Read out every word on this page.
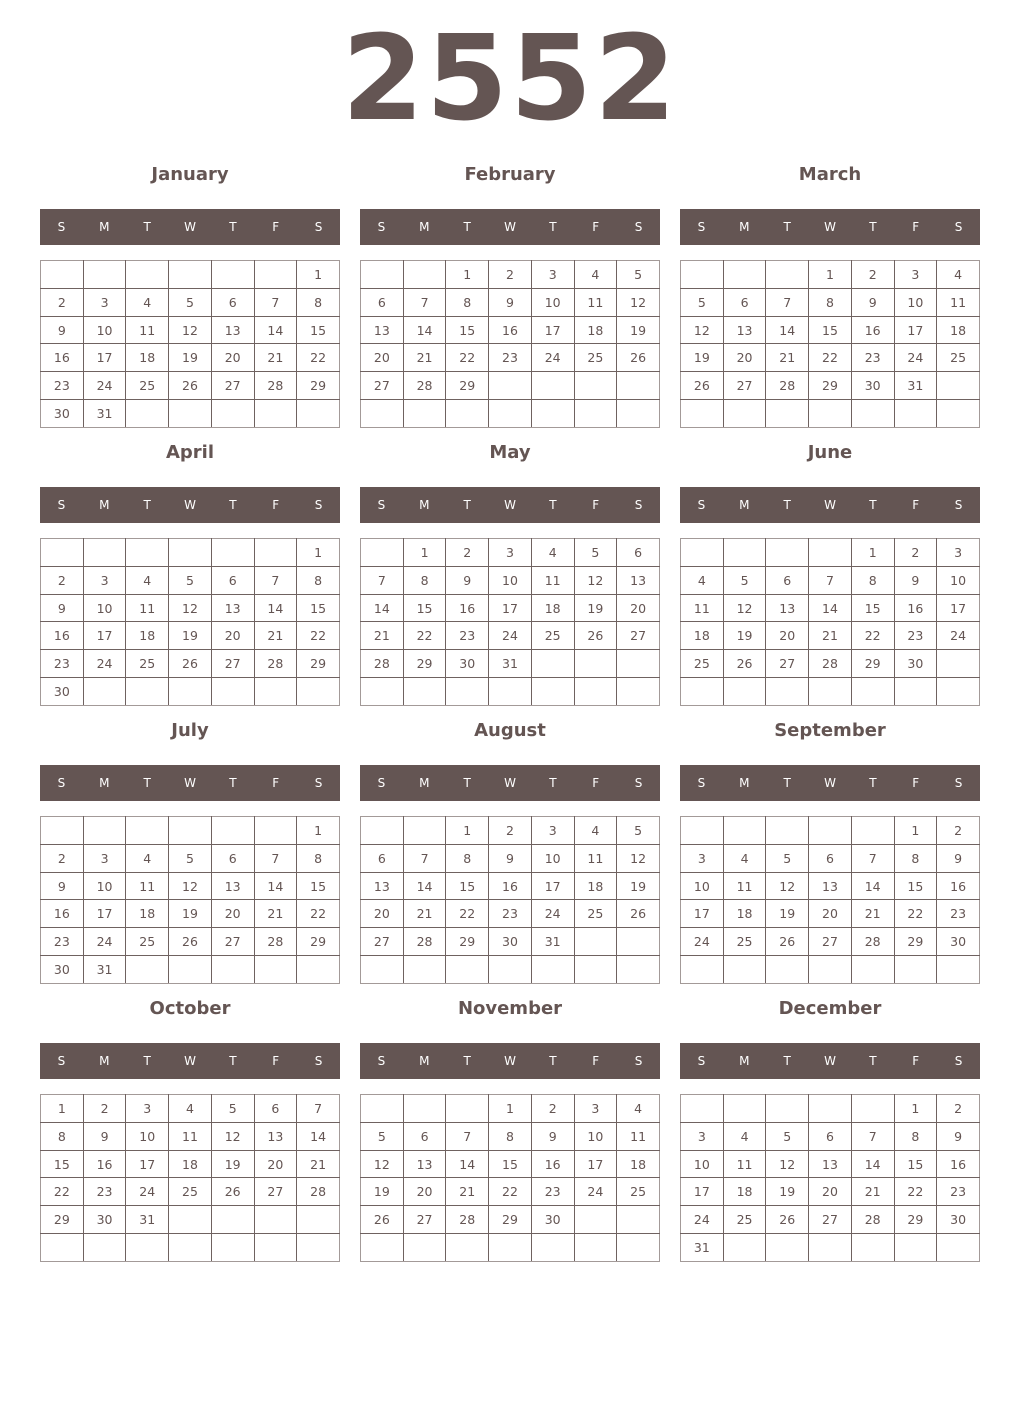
2552
January
S	M	T	W	T	F	S
						1
2	3	4	5	6	7	8
9	10	11	12	13	14	15
16	17	18	19	20	21	22
23	24	25	26	27	28	29
30	31					
February
S	M	T	W	T	F	S
		1	2	3	4	5
6	7	8	9	10	11	12
13	14	15	16	17	18	19
20	21	22	23	24	25	26
27	28	29				

March
S	M	T	W	T	F	S
			1	2	3	4
5	6	7	8	9	10	11
12	13	14	15	16	17	18
19	20	21	22	23	24	25
26	27	28	29	30	31	

April
S	M	T	W	T	F	S
						1
2	3	4	5	6	7	8
9	10	11	12	13	14	15
16	17	18	19	20	21	22
23	24	25	26	27	28	29
30						
May
S	M	T	W	T	F	S
	1	2	3	4	5	6
7	8	9	10	11	12	13
14	15	16	17	18	19	20
21	22	23	24	25	26	27
28	29	30	31			

June
S	M	T	W	T	F	S
				1	2	3
4	5	6	7	8	9	10
11	12	13	14	15	16	17
18	19	20	21	22	23	24
25	26	27	28	29	30	

July
S	M	T	W	T	F	S
						1
2	3	4	5	6	7	8
9	10	11	12	13	14	15
16	17	18	19	20	21	22
23	24	25	26	27	28	29
30	31					
August
S	M	T	W	T	F	S
		1	2	3	4	5
6	7	8	9	10	11	12
13	14	15	16	17	18	19
20	21	22	23	24	25	26
27	28	29	30	31		

September
S	M	T	W	T	F	S
					1	2
3	4	5	6	7	8	9
10	11	12	13	14	15	16
17	18	19	20	21	22	23
24	25	26	27	28	29	30

October
S	M	T	W	T	F	S
1	2	3	4	5	6	7
8	9	10	11	12	13	14
15	16	17	18	19	20	21
22	23	24	25	26	27	28
29	30	31				

November
S	M	T	W	T	F	S
			1	2	3	4
5	6	7	8	9	10	11
12	13	14	15	16	17	18
19	20	21	22	23	24	25
26	27	28	29	30		

December
S	M	T	W	T	F	S
					1	2
3	4	5	6	7	8	9
10	11	12	13	14	15	16
17	18	19	20	21	22	23
24	25	26	27	28	29	30
31						
